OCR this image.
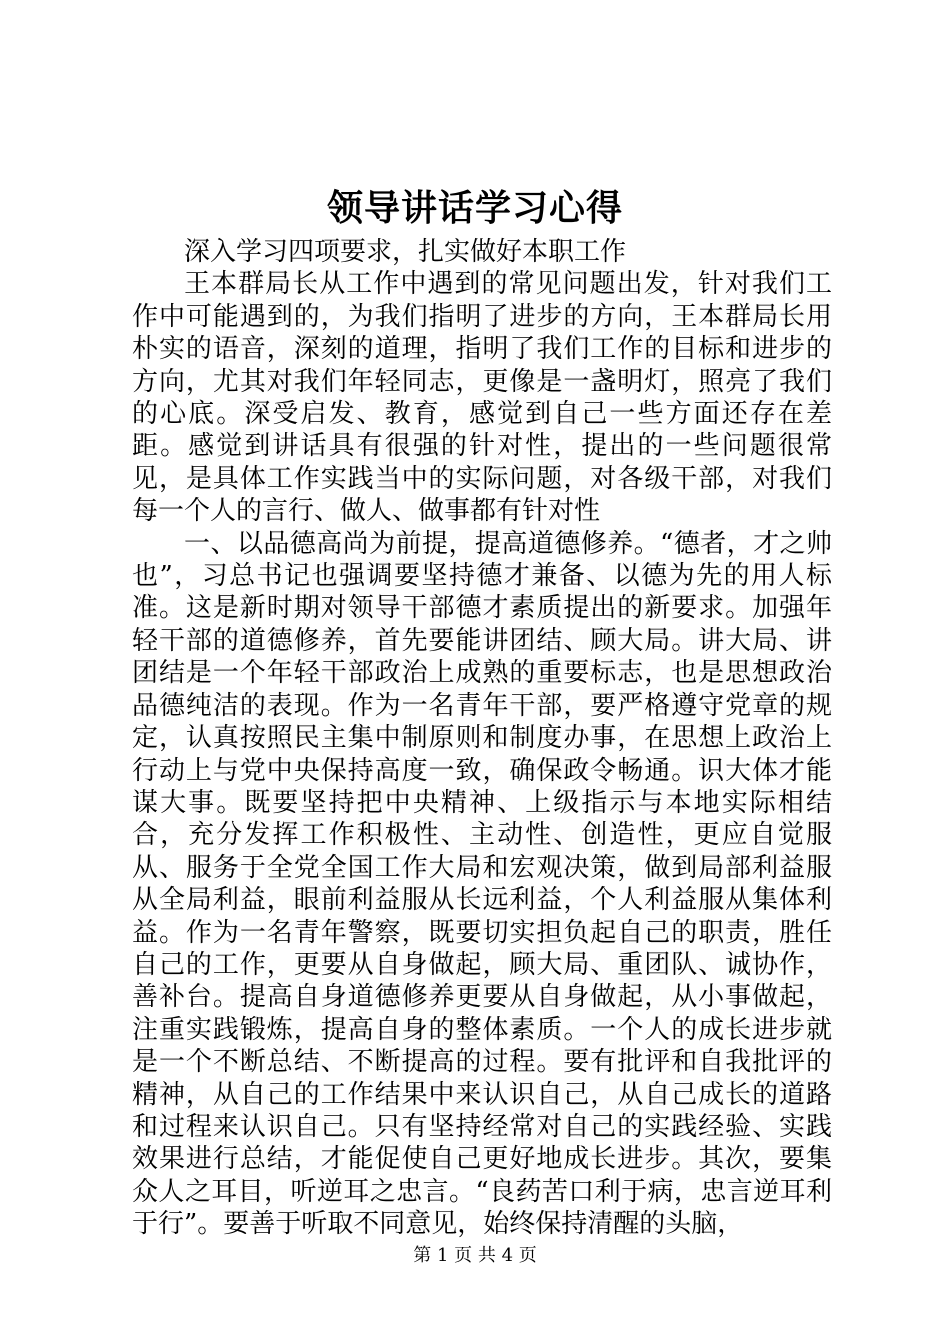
领导讲话学习心得

深入学习四项要求，扎实做好本职工作

王本群局长从工作中遇到的常见问题出发，针对我们工作中可能遇到的，为我们指明了进步的方向，王本群局长用朴实的语音，深刻的道理，指明了我们工作的目标和进步的方向，尤其对我们年轻同志，更像是一盏明灯，照亮了我们的心底。深受启发、教育，感觉到自己一些方面还存在差距。感觉到讲话具有很强的针对性，提出的一些问题很常见，是具体工作实践当中的实际问题，对各级干部，对我们每一个人的言行、做人、做事都有针对性

一、以品德高尚为前提，提高道德修养。“德者，才之帅也”，习总书记也强调要坚持德才兼备、以德为先的用人标准。这是新时期对领导干部德才素质提出的新要求。加强年轻干部的道德修养，首先要能讲团结、顾大局。讲大局、讲团结是一个年轻干部政治上成熟的重要标志，也是思想政治品德纯洁的表现。作为一名青年干部，要严格遵守党章的规定，认真按照民主集中制原则和制度办事，在思想上政治上行动上与党中央保持高度一致，确保政令畅通。识大体才能谋大事。既要坚持把中央精神、上级指示与本地实际相结合，充分发挥工作积极性、主动性、创造性，更应自觉服从、服务于全党全国工作大局和宏观决策，做到局部利益服从全局利益，眼前利益服从长远利益，个人利益服从集体利益。作为一名青年警察，既要切实担负起自己的职责，胜任自己的工作，更要从自身做起，顾大局、重团队、诚协作，善补台。提高自身道德修养更要从自身做起，从小事做起，注重实践锻炼，提高自身的整体素质。一个人的成长进步就是一个不断总结、不断提高的过程。要有批评和自我批评的精神，从自己的工作结果中来认识自己，从自己成长的道路和过程来认识自己。只有坚持经常对自己的实践经验、实践效果进行总结，才能促使自己更好地成长进步。其次，要集众人之耳目，听逆耳之忠言。“良药苦口利于病，忠言逆耳利于行”。要善于听取不同意见，始终保持清醒的头脑，

第 1 页 共 4 页
